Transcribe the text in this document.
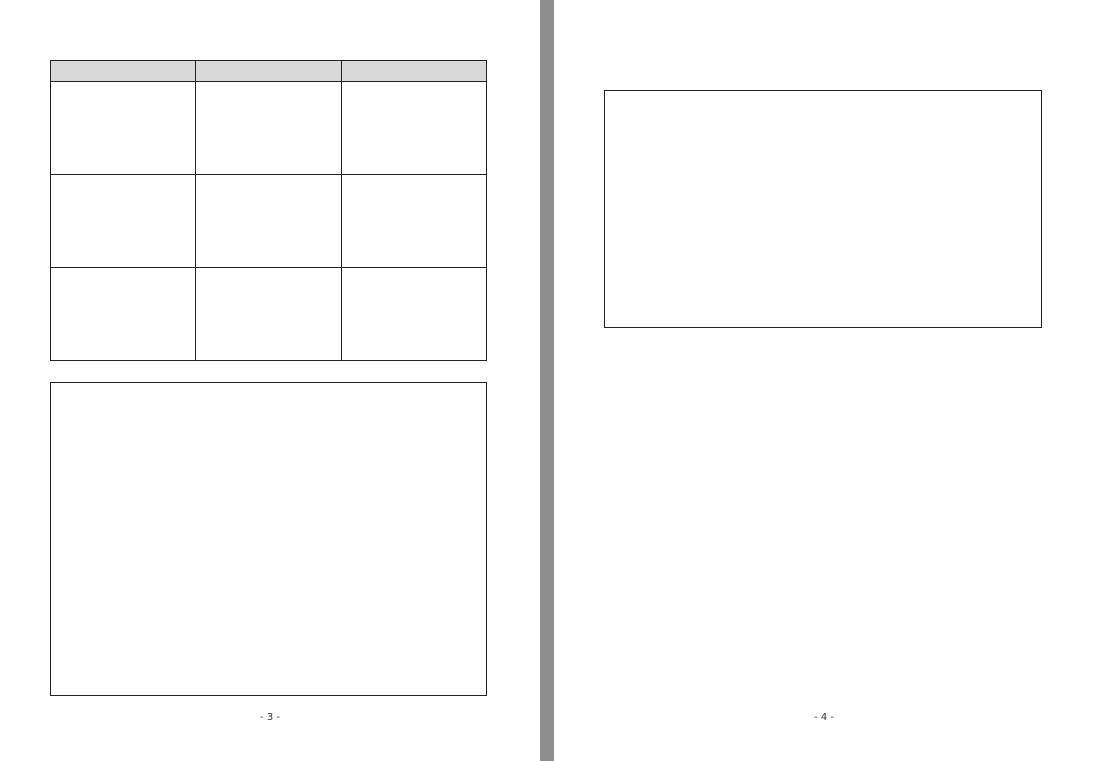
- 3 -	- 4 -
